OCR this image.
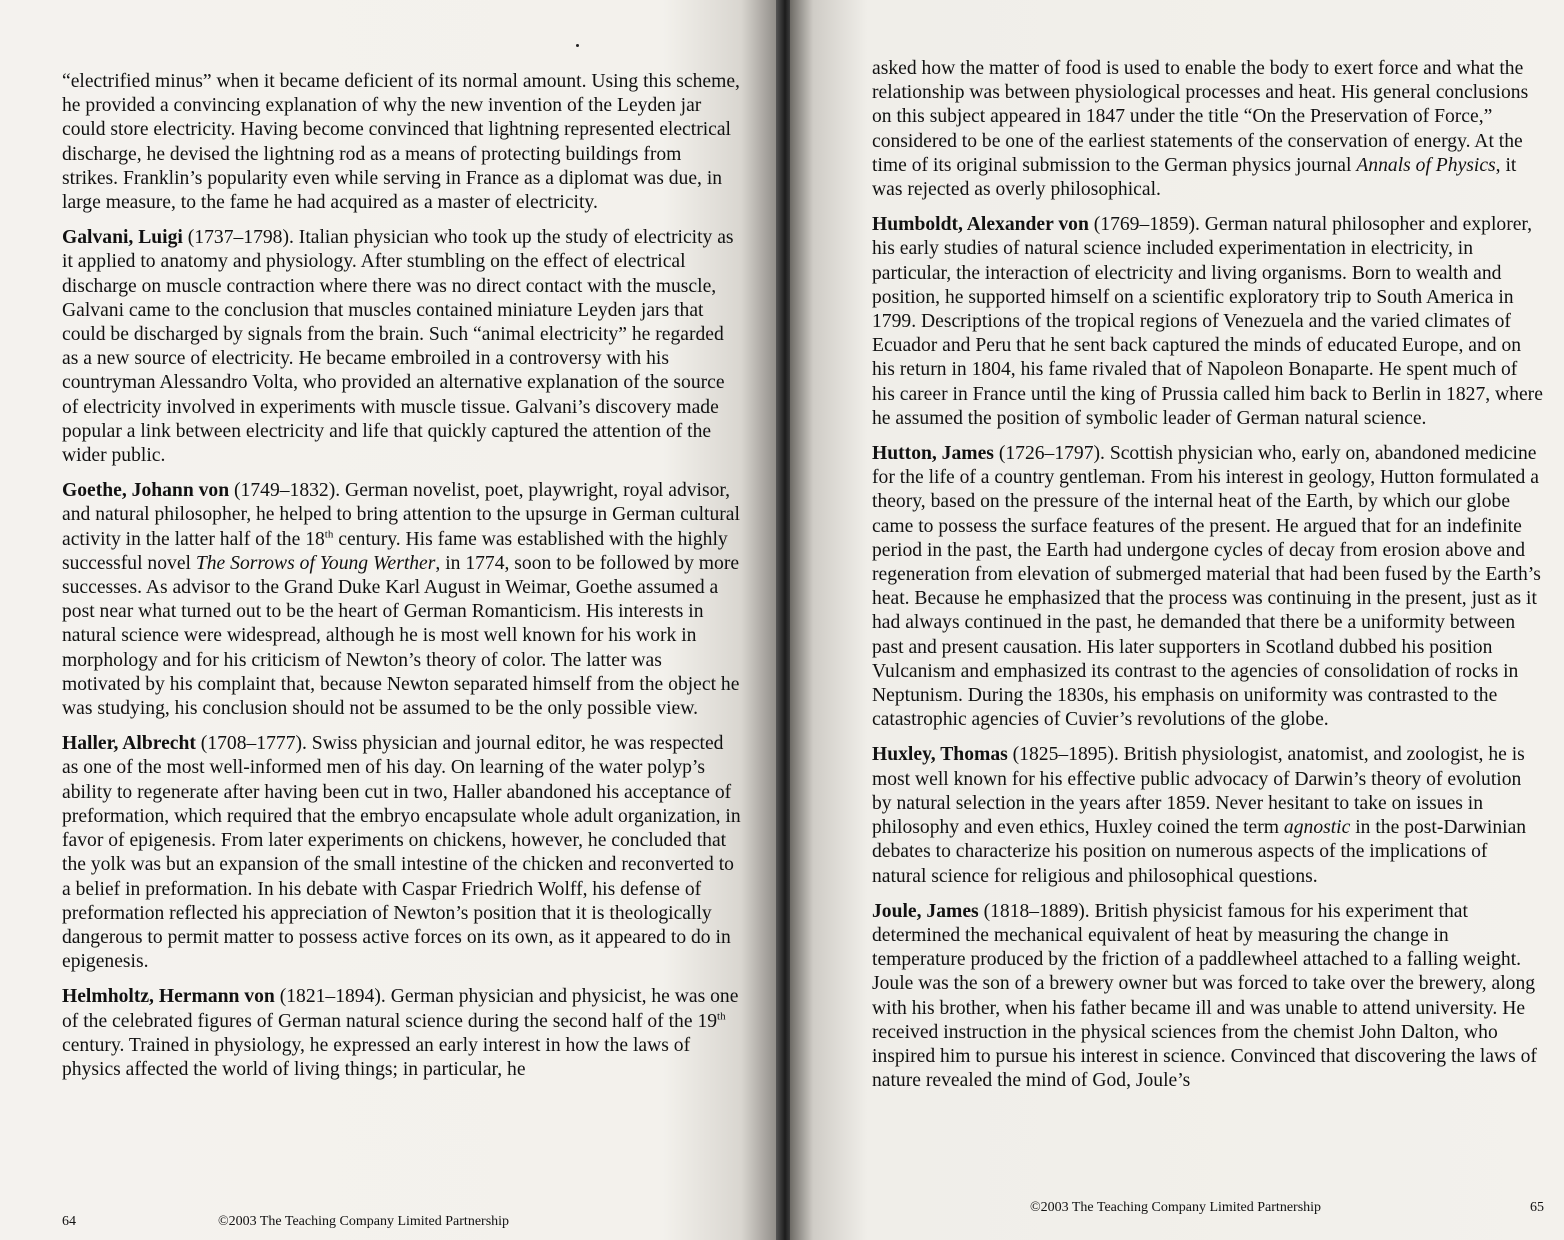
“electrified minus” when it became deficient of its normal amount. Using this scheme, he provided a convincing explanation of why the new invention of the Leyden jar could store electricity. Having become convinced that lightning represented electrical discharge, he devised the lightning rod as a means of protecting buildings from strikes. Franklin’s popularity even while serving in France as a diplomat was due, in large measure, to the fame he had acquired as a master of electricity.

Galvani, Luigi (1737–1798). Italian physician who took up the study of electricity as it applied to anatomy and physiology. After stumbling on the effect of electrical discharge on muscle contraction where there was no direct contact with the muscle, Galvani came to the conclusion that muscles contained miniature Leyden jars that could be discharged by signals from the brain. Such “animal electricity” he regarded as a new source of electricity. He became embroiled in a controversy with his countryman Alessandro Volta, who provided an alternative explanation of the source of electricity involved in experiments with muscle tissue. Galvani’s discovery made popular a link between electricity and life that quickly captured the attention of the wider public.

Goethe, Johann von (1749–1832). German novelist, poet, playwright, royal advisor, and natural philosopher, he helped to bring attention to the upsurge in German cultural activity in the latter half of the 18th century. His fame was established with the highly successful novel The Sorrows of Young Werther, in 1774, soon to be followed by more successes. As advisor to the Grand Duke Karl August in Weimar, Goethe assumed a post near what turned out to be the heart of German Romanticism. His interests in natural science were widespread, although he is most well known for his work in morphology and for his criticism of Newton’s theory of color. The latter was motivated by his complaint that, because Newton separated himself from the object he was studying, his conclusion should not be assumed to be the only possible view.

Haller, Albrecht (1708–1777). Swiss physician and journal editor, he was respected as one of the most well-informed men of his day. On learning of the water polyp’s ability to regenerate after having been cut in two, Haller abandoned his acceptance of preformation, which required that the embryo encapsulate whole adult organization, in favor of epigenesis. From later experiments on chickens, however, he concluded that the yolk was but an expansion of the small intestine of the chicken and reconverted to a belief in preformation. In his debate with Caspar Friedrich Wolff, his defense of preformation reflected his appreciation of Newton’s position that it is theologically dangerous to permit matter to possess active forces on its own, as it appeared to do in epigenesis.

Helmholtz, Hermann von (1821–1894). German physician and physicist, he was one of the celebrated figures of German natural science during the second half of the 19th century. Trained in physiology, he expressed an early interest in how the laws of physics affected the world of living things; in particular, he

64	©2003 The Teaching Company Limited Partnership

asked how the matter of food is used to enable the body to exert force and what the relationship was between physiological processes and heat. His general conclusions on this subject appeared in 1847 under the title “On the Preservation of Force,” considered to be one of the earliest statements of the conservation of energy. At the time of its original submission to the German physics journal Annals of Physics, it was rejected as overly philosophical.

Humboldt, Alexander von (1769–1859). German natural philosopher and explorer, his early studies of natural science included experimentation in electricity, in particular, the interaction of electricity and living organisms. Born to wealth and position, he supported himself on a scientific exploratory trip to South America in 1799. Descriptions of the tropical regions of Venezuela and the varied climates of Ecuador and Peru that he sent back captured the minds of educated Europe, and on his return in 1804, his fame rivaled that of Napoleon Bonaparte. He spent much of his career in France until the king of Prussia called him back to Berlin in 1827, where he assumed the position of symbolic leader of German natural science.

Hutton, James (1726–1797). Scottish physician who, early on, abandoned medicine for the life of a country gentleman. From his interest in geology, Hutton formulated a theory, based on the pressure of the internal heat of the Earth, by which our globe came to possess the surface features of the present. He argued that for an indefinite period in the past, the Earth had undergone cycles of decay from erosion above and regeneration from elevation of submerged material that had been fused by the Earth’s heat. Because he emphasized that the process was continuing in the present, just as it had always continued in the past, he demanded that there be a uniformity between past and present causation. His later supporters in Scotland dubbed his position Vulcanism and emphasized its contrast to the agencies of consolidation of rocks in Neptunism. During the 1830s, his emphasis on uniformity was contrasted to the catastrophic agencies of Cuvier’s revolutions of the globe.

Huxley, Thomas (1825–1895). British physiologist, anatomist, and zoologist, he is most well known for his effective public advocacy of Darwin’s theory of evolution by natural selection in the years after 1859. Never hesitant to take on issues in philosophy and even ethics, Huxley coined the term agnostic in the post-Darwinian debates to characterize his position on numerous aspects of the implications of natural science for religious and philosophical questions.

Joule, James (1818–1889). British physicist famous for his experiment that determined the mechanical equivalent of heat by measuring the change in temperature produced by the friction of a paddlewheel attached to a falling weight. Joule was the son of a brewery owner but was forced to take over the brewery, along with his brother, when his father became ill and was unable to attend university. He received instruction in the physical sciences from the chemist John Dalton, who inspired him to pursue his interest in science. Convinced that discovering the laws of nature revealed the mind of God, Joule’s

©2003 The Teaching Company Limited Partnership	65
